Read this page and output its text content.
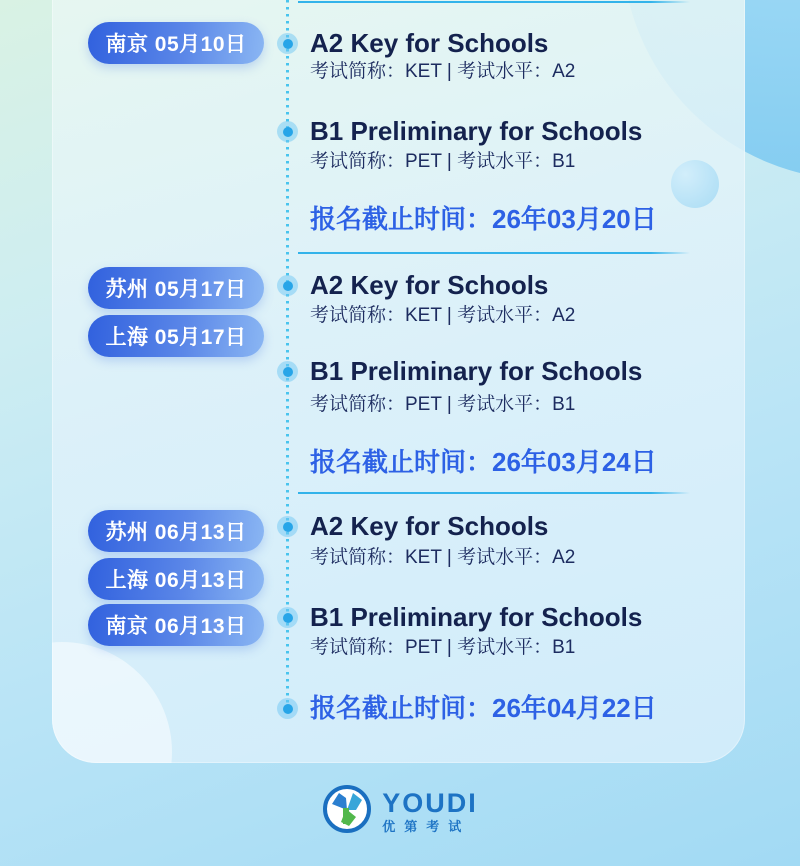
南京 05月10日
苏州 05月17日
上海 05月17日
苏州 06月13日
上海 06月13日
南京 06月13日
A2 Key for Schools
考试简称：KET | 考试水平：A2
B1 Preliminary for Schools
考试简称：PET | 考试水平：B1
报名截止时间：26年03月20日
A2 Key for Schools
考试简称：KET | 考试水平：A2
B1 Preliminary for Schools
考试简称：PET | 考试水平：B1
报名截止时间：26年03月24日
A2 Key for Schools
考试简称：KET | 考试水平：A2
B1 Preliminary for Schools
考试简称：PET | 考试水平：B1
报名截止时间：26年04月22日
YOUDI
优第考试
